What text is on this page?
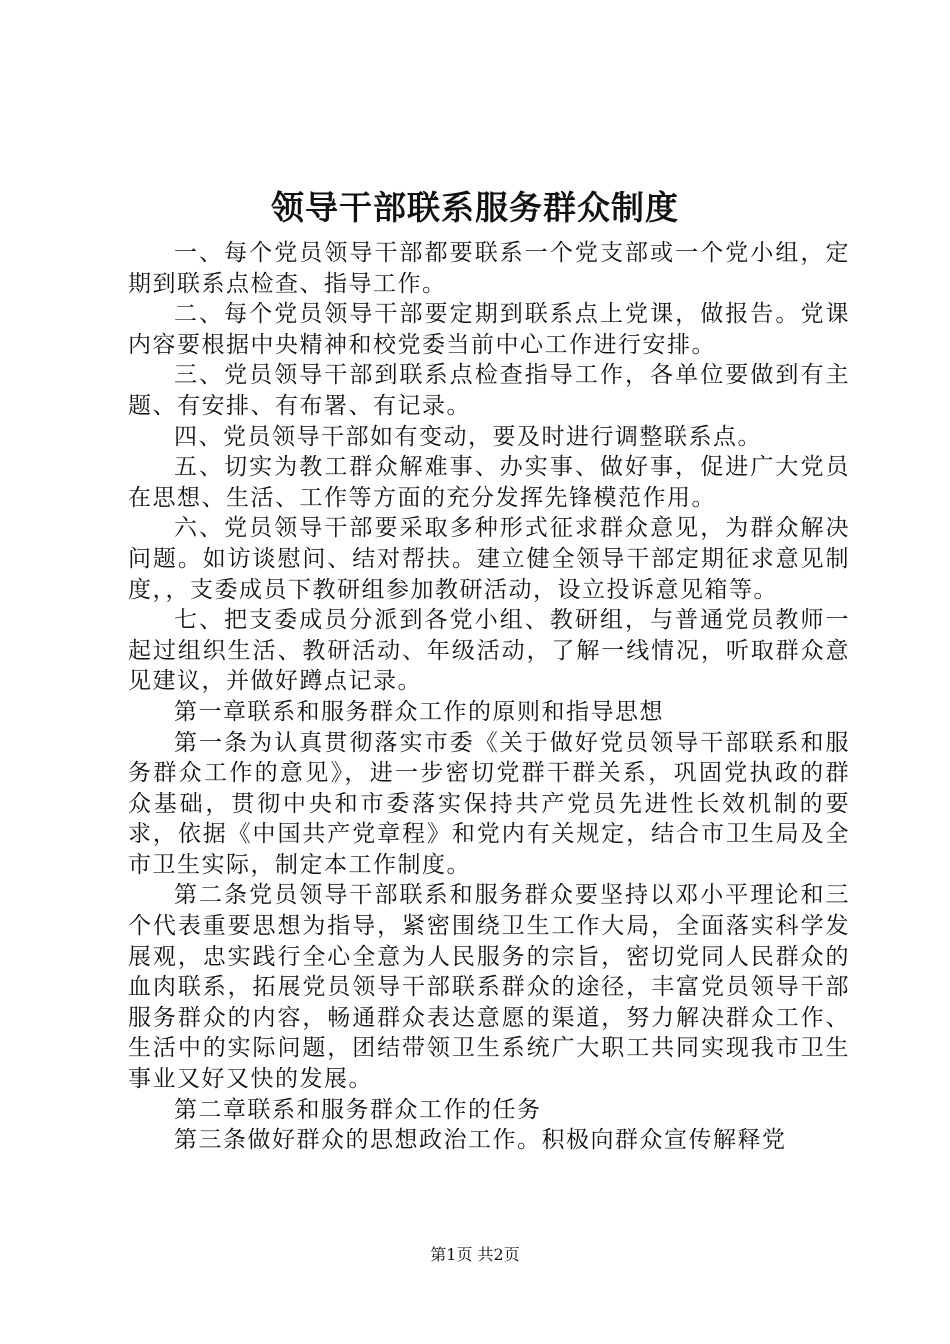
领导干部联系服务群众制度

一、每个党员领导干部都要联系一个党支部或一个党小组，定期到联系点检查、指导工作。

二、每个党员领导干部要定期到联系点上党课，做报告。党课内容要根据中央精神和校党委当前中心工作进行安排。

三、党员领导干部到联系点检查指导工作，各单位要做到有主题、有安排、有布署、有记录。

四、党员领导干部如有变动，要及时进行调整联系点。

五、切实为教工群众解难事、办实事、做好事，促进广大党员在思想、生活、工作等方面的充分发挥先锋模范作用。

六、党员领导干部要采取多种形式征求群众意见，为群众解决问题。如访谈慰问、结对帮扶。建立健全领导干部定期征求意见制度，，支委成员下教研组参加教研活动，设立投诉意见箱等。

七、把支委成员分派到各党小组、教研组，与普通党员教师一起过组织生活、教研活动、年级活动，了解一线情况，听取群众意见建议，并做好蹲点记录。

第一章联系和服务群众工作的原则和指导思想

第一条为认真贯彻落实市委《关于做好党员领导干部联系和服务群众工作的意见》，进一步密切党群干群关系，巩固党执政的群众基础，贯彻中央和市委落实保持共产党员先进性长效机制的要求，依据《中国共产党章程》和党内有关规定，结合市卫生局及全市卫生实际，制定本工作制度。

第二条党员领导干部联系和服务群众要坚持以邓小平理论和三个代表重要思想为指导，紧密围绕卫生工作大局，全面落实科学发展观，忠实践行全心全意为人民服务的宗旨，密切党同人民群众的血肉联系，拓展党员领导干部联系群众的途径，丰富党员领导干部服务群众的内容，畅通群众表达意愿的渠道，努力解决群众工作、生活中的实际问题，团结带领卫生系统广大职工共同实现我市卫生事业又好又快的发展。

第二章联系和服务群众工作的任务

第三条做好群众的思想政治工作。积极向群众宣传解释党

第1页 共2页
